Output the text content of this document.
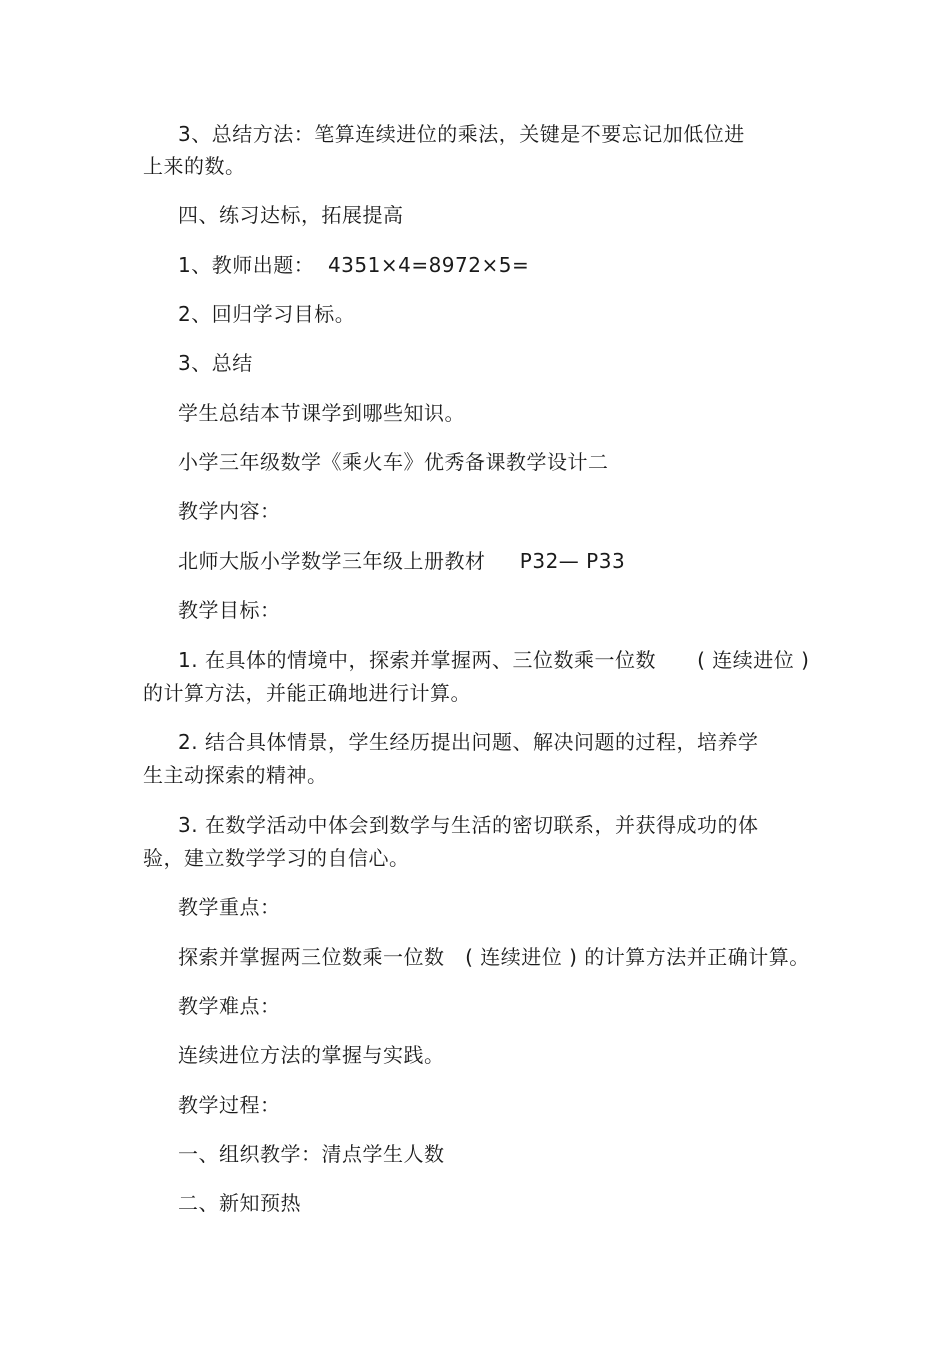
3、总结方法：笔算连续进位的乘法，关键是不要忘记加低位进
上来的数。
四、练习达标，拓展提高
1、教师出题：  4351×4=8972×5=
2、回归学习目标。
3、总结
学生总结本节课学到哪些知识。
小学三年级数学《乘火车》优秀备课教学设计二
教学内容：
北师大版小学数学三年级上册教材     P32— P33
教学目标：
1. 在具体的情境中，探索并掌握两、三位数乘一位数      ( 连续进位 )
的计算方法，并能正确地进行计算。
2. 结合具体情景，学生经历提出问题、解决问题的过程，培养学
生主动探索的精神。
3. 在数学活动中体会到数学与生活的密切联系，并获得成功的体
验，建立数学学习的自信心。
教学重点：
探索并掌握两三位数乘一位数   ( 连续进位 ) 的计算方法并正确计算。
教学难点：
连续进位方法的掌握与实践。
教学过程：
一、组织教学：清点学生人数
二、新知预热
